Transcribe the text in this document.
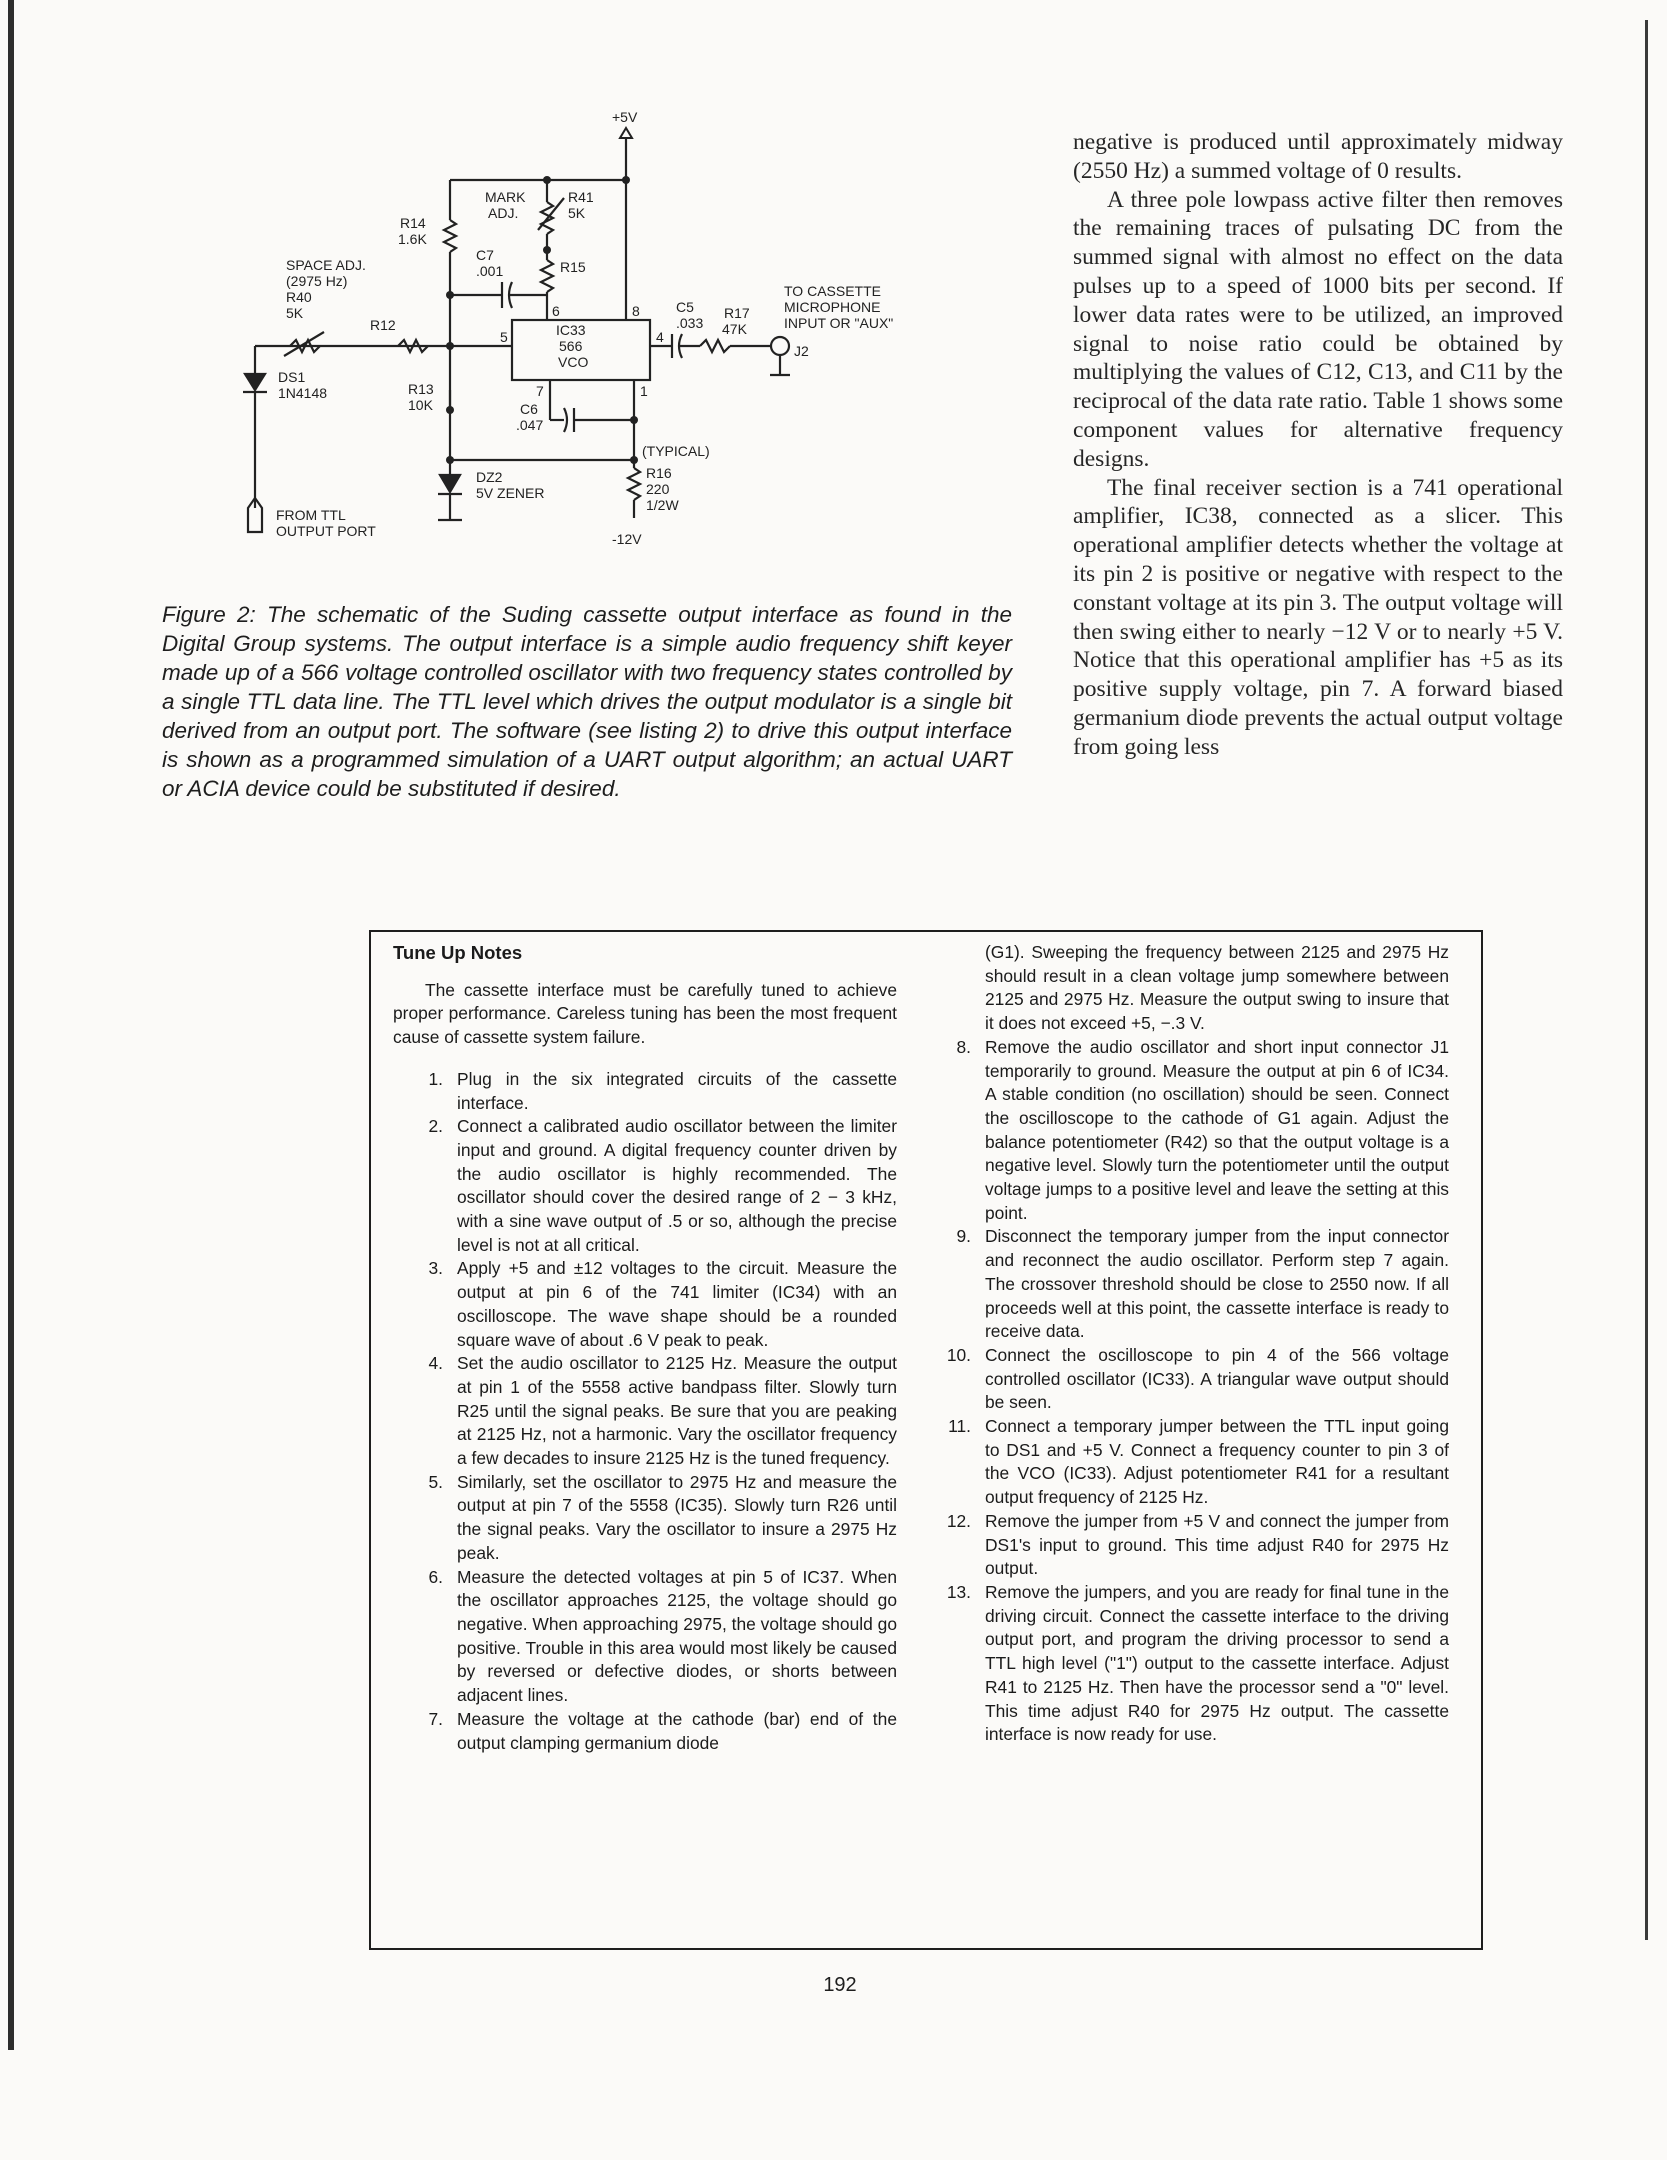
+5V
MARK
ADJ.
R41
5K
R14
1.6K
R15
C7
.001
SPACE ADJ.
(2975 Hz)
R40
5K
R12	IC33
566
VCO
6	8
5	4
7	1
C5
.033
R17
47K
TO CASSETTE
MICROPHONE
INPUT OR "AUX"
J2
DS1
1N4148	R13
10K	C6
.047
(TYPICAL)
R16
220
1/2W
DZ2
5V ZENER
FROM TTL
OUTPUT PORT	-12V

Figure 2: The schematic of the Suding cassette output interface as found in the Digital Group systems. The output interface is a simple audio frequency shift keyer made up of a 566 voltage controlled oscillator with two frequency states controlled by a single TTL data line. The TTL level which drives the output modulator is a single bit derived from an output port. The software (see listing 2) to drive this output interface is shown as a programmed simulation of a UART output algorithm; an actual UART or ACIA device could be substituted if desired.

negative is produced until approximately midway (2550 Hz) a summed voltage of 0 results.

A three pole lowpass active filter then removes the remaining traces of pulsating DC from the summed signal with almost no effect on the data pulses up to a speed of 1000 bits per second. If lower data rates were to be utilized, an improved signal to noise ratio could be obtained by multiplying the values of C12, C13, and C11 by the reciprocal of the data rate ratio. Table 1 shows some component values for alternative frequency designs.

The final receiver section is a 741 operational amplifier, IC38, connected as a slicer. This operational amplifier detects whether the voltage at its pin 2 is positive or negative with respect to the constant voltage at its pin 3. The output voltage will then swing either to nearly −12 V or to nearly +5 V. Notice that this operational amplifier has +5 as its positive supply voltage, pin 7. A forward biased germanium diode prevents the actual output voltage from going less

Tune Up Notes

The cassette interface must be carefully tuned to achieve proper performance. Careless tuning has been the most frequent cause of cassette system failure.

1. Plug in the six integrated circuits of the cassette interface.
2. Connect a calibrated audio oscillator between the limiter input and ground. A digital frequency counter driven by the audio oscillator is highly recommended. The oscillator should cover the desired range of 2 − 3 kHz, with a sine wave output of .5 or so, although the precise level is not at all critical.
3. Apply +5 and ±12 voltages to the circuit. Measure the output at pin 6 of the 741 limiter (IC34) with an oscilloscope. The wave shape should be a rounded square wave of about .6 V peak to peak.
4. Set the audio oscillator to 2125 Hz. Measure the output at pin 1 of the 5558 active bandpass filter. Slowly turn R25 until the signal peaks. Be sure that you are peaking at 2125 Hz, not a harmonic. Vary the oscillator frequency a few decades to insure 2125 Hz is the tuned frequency.
5. Similarly, set the oscillator to 2975 Hz and measure the output at pin 7 of the 5558 (IC35). Slowly turn R26 until the signal peaks. Vary the oscillator to insure a 2975 Hz peak.
6. Measure the detected voltages at pin 5 of IC37. When the oscillator approaches 2125, the voltage should go negative. When approaching 2975, the voltage should go positive. Trouble in this area would most likely be caused by reversed or defective diodes, or shorts between adjacent lines.
7. Measure the voltage at the cathode (bar) end of the output clamping germanium diode

(G1). Sweeping the frequency between 2125 and 2975 Hz should result in a clean voltage jump somewhere between 2125 and 2975 Hz. Measure the output swing to insure that it does not exceed +5, −.3 V.

8. Remove the audio oscillator and short input connector J1 temporarily to ground. Measure the output at pin 6 of IC34. A stable condition (no oscillation) should be seen. Connect the oscilloscope to the cathode of G1 again. Adjust the balance potentiometer (R42) so that the output voltage is a negative level. Slowly turn the potentiometer until the output voltage jumps to a positive level and leave the setting at this point.
9. Disconnect the temporary jumper from the input connector and reconnect the audio oscillator. Perform step 7 again. The crossover threshold should be close to 2550 now. If all proceeds well at this point, the cassette interface is ready to receive data.
10. Connect the oscilloscope to pin 4 of the 566 voltage controlled oscillator (IC33). A triangular wave output should be seen.
11. Connect a temporary jumper between the TTL input going to DS1 and +5 V. Connect a frequency counter to pin 3 of the VCO (IC33). Adjust potentiometer R41 for a resultant output frequency of 2125 Hz.
12. Remove the jumper from +5 V and connect the jumper from DS1's input to ground. This time adjust R40 for 2975 Hz output.
13. Remove the jumpers, and you are ready for final tune in the driving circuit. Connect the cassette interface to the driving output port, and program the driving processor to send a TTL high level ("1") output to the cassette interface. Adjust R41 to 2125 Hz. Then have the processor send a "0" level. This time adjust R40 for 2975 Hz output. The cassette interface is now ready for use.
192
